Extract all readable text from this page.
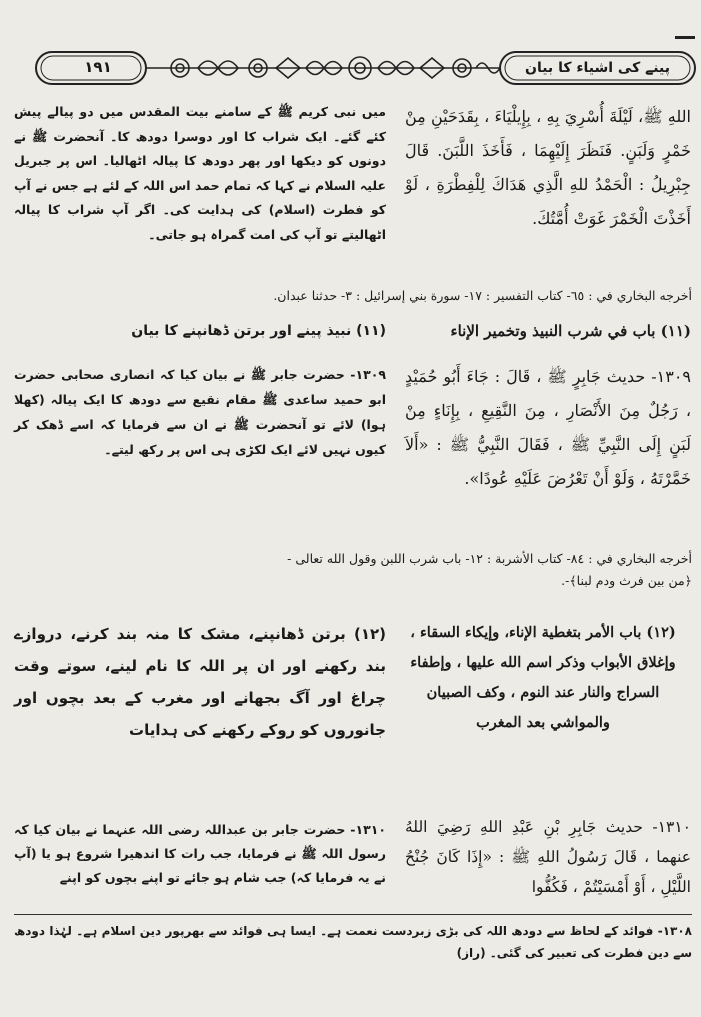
١٩١	پینے کی اشیاء کا بیان
اللهِ ﷺ، لَيْلَةَ أُسْرِيَ بِهِ ، بِإِيلْيَاءَ ، بِقَدَحَيْنِ مِنْ خَمْرٍ وَلَبَنٍ. فَنَظَرَ إِلَيْهِمَا ، فَأَخَذَ اللَّبَنَ. قَالَ جِبْرِيلُ : الْحَمْدُ للهِ الَّذِي هَدَاكَ لِلْفِطْرَةِ ، لَوْ أَخَذْتَ الْخَمْرَ غَوَتْ أُمَّتُكَ.
میں نبی کریم ﷺ کے سامنے بیت المقدس میں دو پیالے پیش کئے گئے۔ ایک شراب کا اور دوسرا دودھ کا۔ آنحضرت ﷺ نے دونوں کو دیکھا اور پھر دودھ کا پیالہ اٹھالیا۔ اس پر جبریل علیہ السلام نے کہا کہ تمام حمد اس اللہ کے لئے ہے جس نے آپ کو فطرت (اسلام) کی ہدایت کی۔ اگر آپ شراب کا پیالہ اٹھالیتے تو آپ کی امت گمراہ ہو جاتی۔
أخرجه البخاري في : ٦٥- كتاب التفسير : ١٧- سورة بني إسرائيل : ٣- حدثنا عبدان.
(١١) باب في شرب النبيذ وتخمير الإناء
(۱۱) نبیذ پینے اور برتن ڈھانپنے کا بیان
١٣٠٩- حديث جَابِرٍ ﷺ ، قَالَ : جَاءَ أَبُو حُمَيْدٍ ، رَجُلٌ مِنَ الأَنْصَارِ ، مِنَ النَّقِيعِ ، بِإِنَاءٍ مِنْ لَبَنٍ إِلَى النَّبِيِّ ﷺ ، فَقَالَ النَّبِيُّ ﷺ : «أَلاَ خَمَّرْتَهُ ، وَلَوْ أَنْ تَعْرُضَ عَلَيْهِ عُودًا».
۱۳۰۹- حضرت جابر ﷺ نے بیان کیا کہ انصاری صحابی حضرت ابو حمید ساعدی ﷺ مقام نقیع سے دودھ کا ایک پیالہ (کھلا ہوا) لائے تو آنحضرت ﷺ نے ان سے فرمایا کہ اسے ڈھک کر کیوں نہیں لائے ایک لکڑی ہی اس پر رکھ لیتے۔
أخرجه البخاري في : ٨٤- كتاب الأشربة : ١٢- باب شرب اللبن وقول الله تعالى -
﴿من بين فرث ودم لبنا﴾-.
(١٢) باب الأمر بتغطية الإناء، وإيكاء السقاء ، وإغلاق الأبواب وذكر اسم الله عليها ، وإطفاء السراج والنار عند النوم ، وكف الصبيان والمواشي بعد المغرب
(۱۲) برتن ڈھانپنے، مشک کا منہ بند کرنے، دروازے بند رکھنے اور ان پر اللہ کا نام لینے، سوتے وقت چراغ اور آگ بجھانے اور مغرب کے بعد بچوں اور جانوروں کو روکے رکھنے کی ہدایات
١٣١٠- حديث جَابِرِ بْنِ عَبْدِ اللهِ رَضِيَ اللهُ عنهما ، قَالَ رَسُولُ اللهِ ﷺ : «إِذَا كَانَ جُنْحُ اللَّيْلِ ، أَوْ أَمْسَيْتُمْ ، فَكُفُّوا
۱۳۱۰- حضرت جابر بن عبداللہ رضی اللہ عنہما نے بیان کیا کہ رسول اللہ ﷺ نے فرمایا، جب رات کا اندھیرا شروع ہو یا (آپ نے یہ فرمایا کہ) جب شام ہو جائے تو اپنے بچوں کو اپنے
۱۳۰۸- فوائد کے لحاظ سے دودھ اللہ کی بڑی زبردست نعمت ہے۔ ایسا ہی فوائد سے بھرپور دین اسلام ہے۔ لہٰذا دودھ سے دین فطرت کی تعبیر کی گئی۔ (راز)
